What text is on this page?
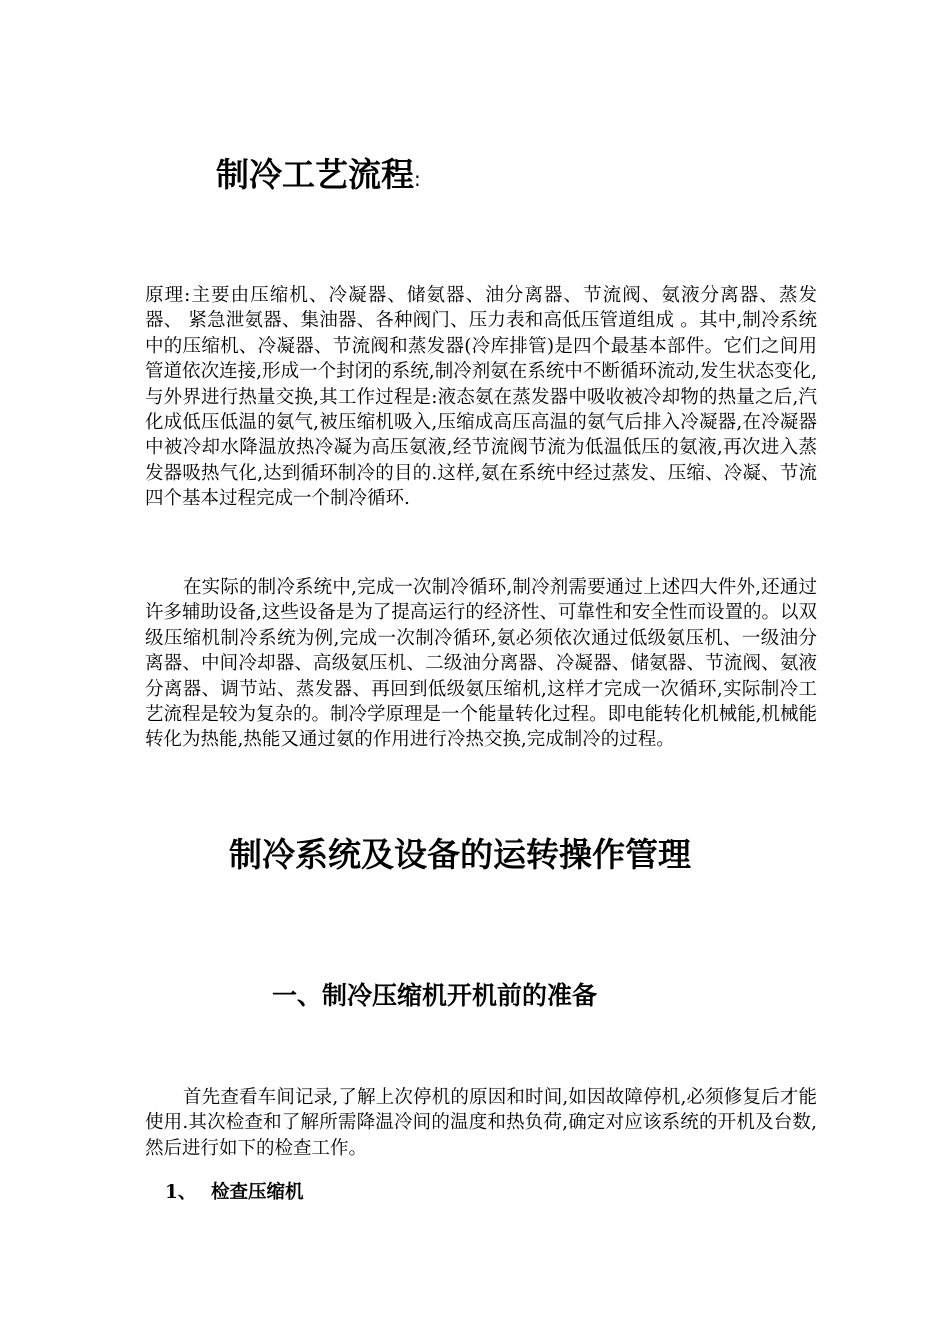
制冷工艺流程:

原理:主要由压缩机、冷凝器、储氨器、油分离器、节流阀、氨液分离器、蒸发器、 紧急泄氨器、集油器、各种阀门、压力表和高低压管道组成 。其中,制冷系统中的压缩机、冷凝器、节流阀和蒸发器(冷库排管)是四个最基本部件。它们之间用管道依次连接,形成一个封闭的系统,制冷剂氨在系统中不断循环流动,发生状态变化,与外界进行热量交换,其工作过程是:液态氨在蒸发器中吸收被冷却物的热量之后,汽化成低压低温的氨气,被压缩机吸入,压缩成高压高温的氨气后排入冷凝器,在冷凝器中被冷却水降温放热冷凝为高压氨液,经节流阀节流为低温低压的氨液,再次进入蒸发器吸热气化,达到循环制冷的目的.这样,氨在系统中经过蒸发、压缩、冷凝、节流四个基本过程完成一个制冷循环.

在实际的制冷系统中,完成一次制冷循环,制冷剂需要通过上述四大件外,还通过许多辅助设备,这些设备是为了提高运行的经济性、可靠性和安全性而设置的。以双级压缩机制冷系统为例,完成一次制冷循环,氨必须依次通过低级氨压机、一级油分离器、中间冷却器、高级氨压机、二级油分离器、冷凝器、储氨器、节流阀、氨液分离器、调节站、蒸发器、再回到低级氨压缩机,这样才完成一次循环,实际制冷工艺流程是较为复杂的。制冷学原理是一个能量转化过程。即电能转化机械能,机械能转化为热能,热能又通过氨的作用进行冷热交换,完成制冷的过程。

制冷系统及设备的运转操作管理
一、制冷压缩机开机前的准备

首先查看车间记录,了解上次停机的原因和时间,如因故障停机,必须修复后才能使用.其次检查和了解所需降温冷间的温度和热负荷,确定对应该系统的开机及台数,然后进行如下的检查工作。

1、 检查压缩机
